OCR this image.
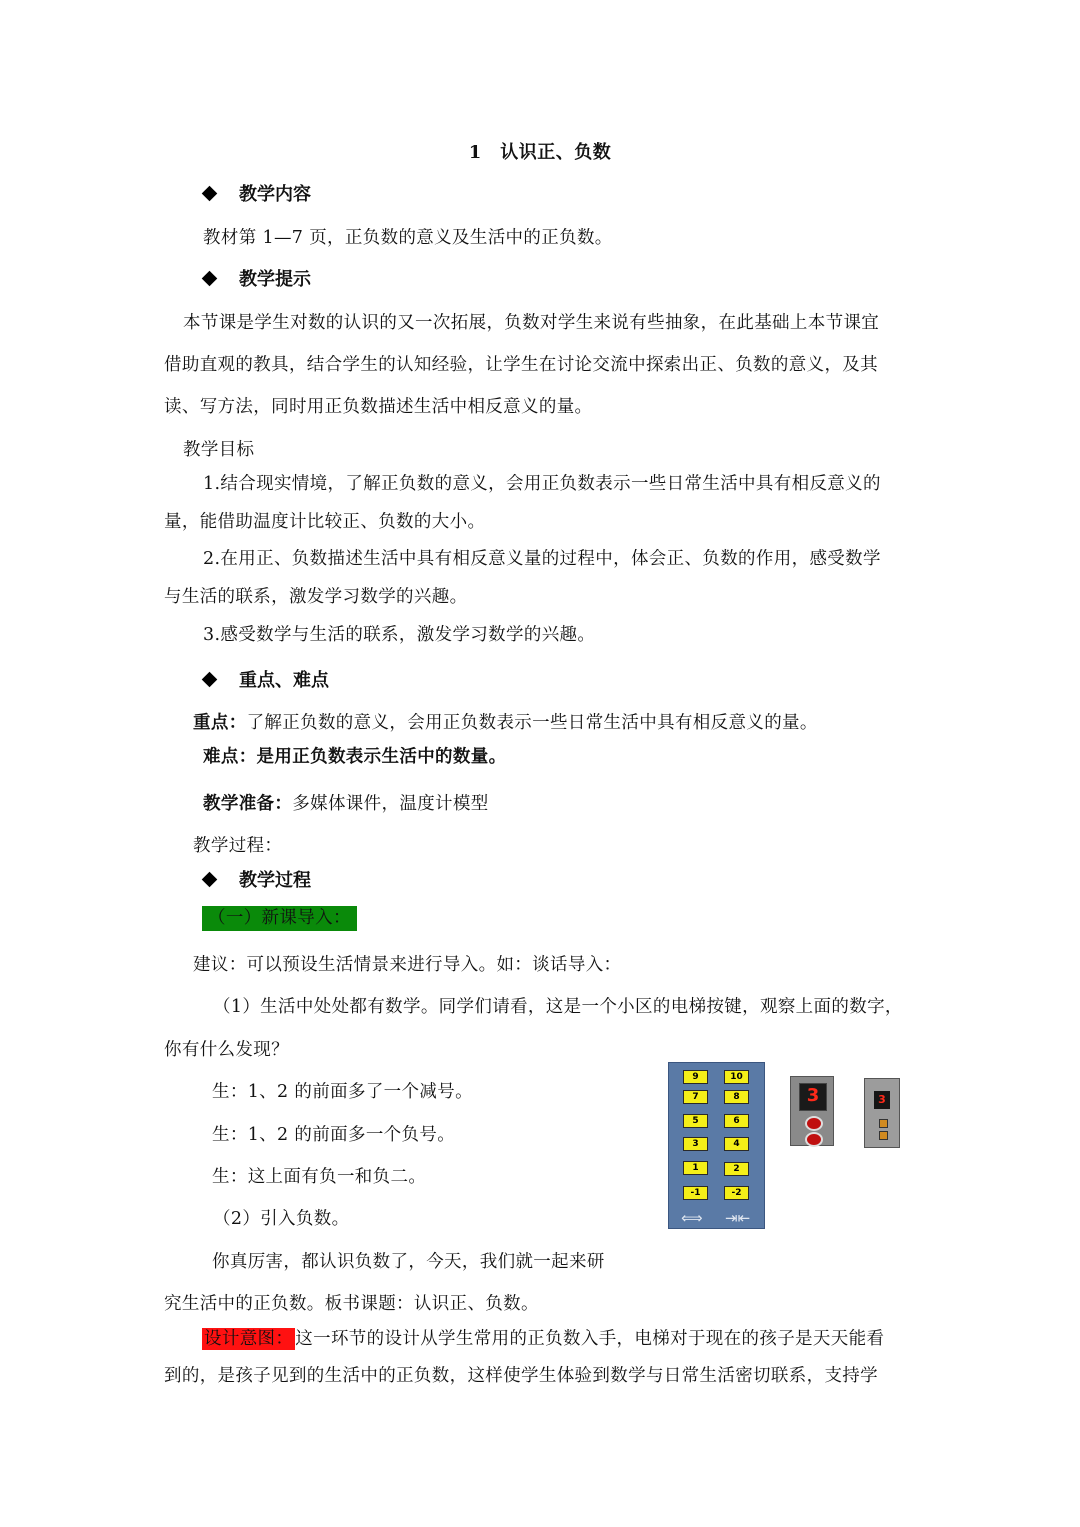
1　认识正、负数
教学内容
教材第 1—7 页，正负数的意义及生活中的正负数。
教学提示
本节课是学生对数的认识的又一次拓展，负数对学生来说有些抽象，在此基础上本节课宜
借助直观的教具，结合学生的认知经验，让学生在讨论交流中探索出正、负数的意义，及其
读、写方法，同时用正负数描述生活中相反意义的量。
教学目标
1.结合现实情境，了解正负数的意义，会用正负数表示一些日常生活中具有相反意义的
量，能借助温度计比较正、负数的大小。
2.在用正、负数描述生活中具有相反意义量的过程中，体会正、负数的作用，感受数学
与生活的联系，激发学习数学的兴趣。
3.感受数学与生活的联系，激发学习数学的兴趣。
重点、难点
重点：了解正负数的意义，会用正负数表示一些日常生活中具有相反意义的量。
难点：是用正负数表示生活中的数量。
教学准备：多媒体课件，温度计模型
教学过程：
教学过程
（一）新课导入：
建议：可以预设生活情景来进行导入。如：谈话导入：
（1）生活中处处都有数学。同学们请看，这是一个小区的电梯按键，观察上面的数字，
你有什么发现？
生：1、2 的前面多了一个减号。
生：1、2 的前面多一个负号。
生：这上面有负一和负二。
（2）引入负数。
你真厉害，都认识负数了，今天，我们就一起来研
究生活中的正负数。板书课题：认识正、负数。
设计意图： 这一环节的设计从学生常用的正负数入手，电梯对于现在的孩子是天天能看
到的，是孩子见到的生活中的正负数，这样使学生体验到数学与日常生活密切联系，支持学
9	10
7	8
5	6
3	4
1	2
-1	-2
⟺ ⇥⇤
3	3
